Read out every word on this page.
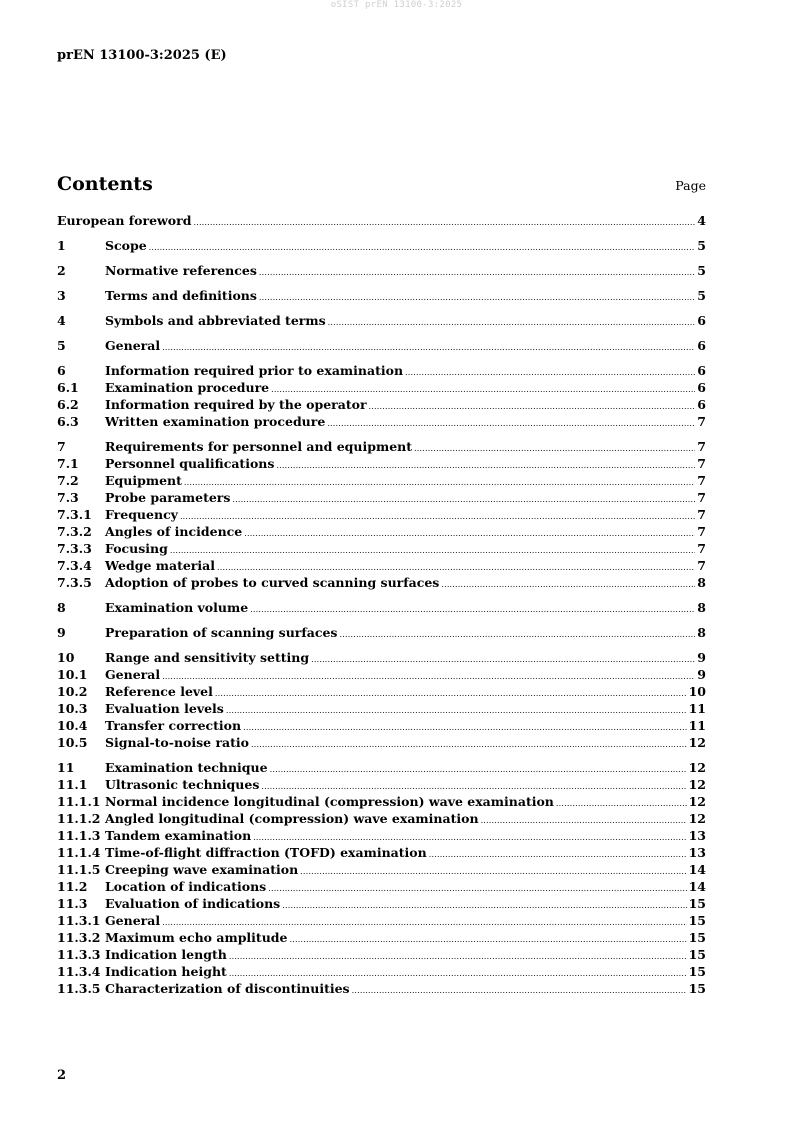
oSIST prEN 13100-3:2025
prEN 13100-3:2025 (E)
Contents	Page
European foreword .....	4
1	Scope .....	5
2	Normative references .....	5
3	Terms and definitions .....	5
4	Symbols and abbreviated terms .....	6
5	General .....	6
6	Information required prior to examination .....	6
6.1	Examination procedure .....	6
6.2	Information required by the operator .....	6
6.3	Written examination procedure .....	7
7	Requirements for personnel and equipment .....	7
7.1	Personnel qualifications .....	7
7.2	Equipment .....	7
7.3	Probe parameters .....	7
7.3.1	Frequency .....	7
7.3.2	Angles of incidence .....	7
7.3.3	Focusing .....	7
7.3.4	Wedge material .....	7
7.3.5	Adoption of probes to curved scanning surfaces .....	8
8	Examination volume .....	8
9	Preparation of scanning surfaces .....	8
10	Range and sensitivity setting .....	9
10.1	General .....	9
10.2	Reference level .....	10
10.3	Evaluation levels .....	11
10.4	Transfer correction .....	11
10.5	Signal-to-noise ratio .....	12
11	Examination technique .....	12
11.1	Ultrasonic techniques .....	12
11.1.1 Normal incidence longitudinal (compression) wave examination .....	12
11.1.2 Angled longitudinal (compression) wave examination .....	12
11.1.3 Tandem examination .....	13
11.1.4 Time-of-flight diffraction (TOFD) examination .....	13
11.1.5 Creeping wave examination .....	14
11.2	Location of indications .....	14
11.3	Evaluation of indications .....	15
11.3.1 General .....	15
11.3.2 Maximum echo amplitude .....	15
11.3.3 Indication length .....	15
11.3.4 Indication height .....	15
11.3.5 Characterization of discontinuities .....	15
2
